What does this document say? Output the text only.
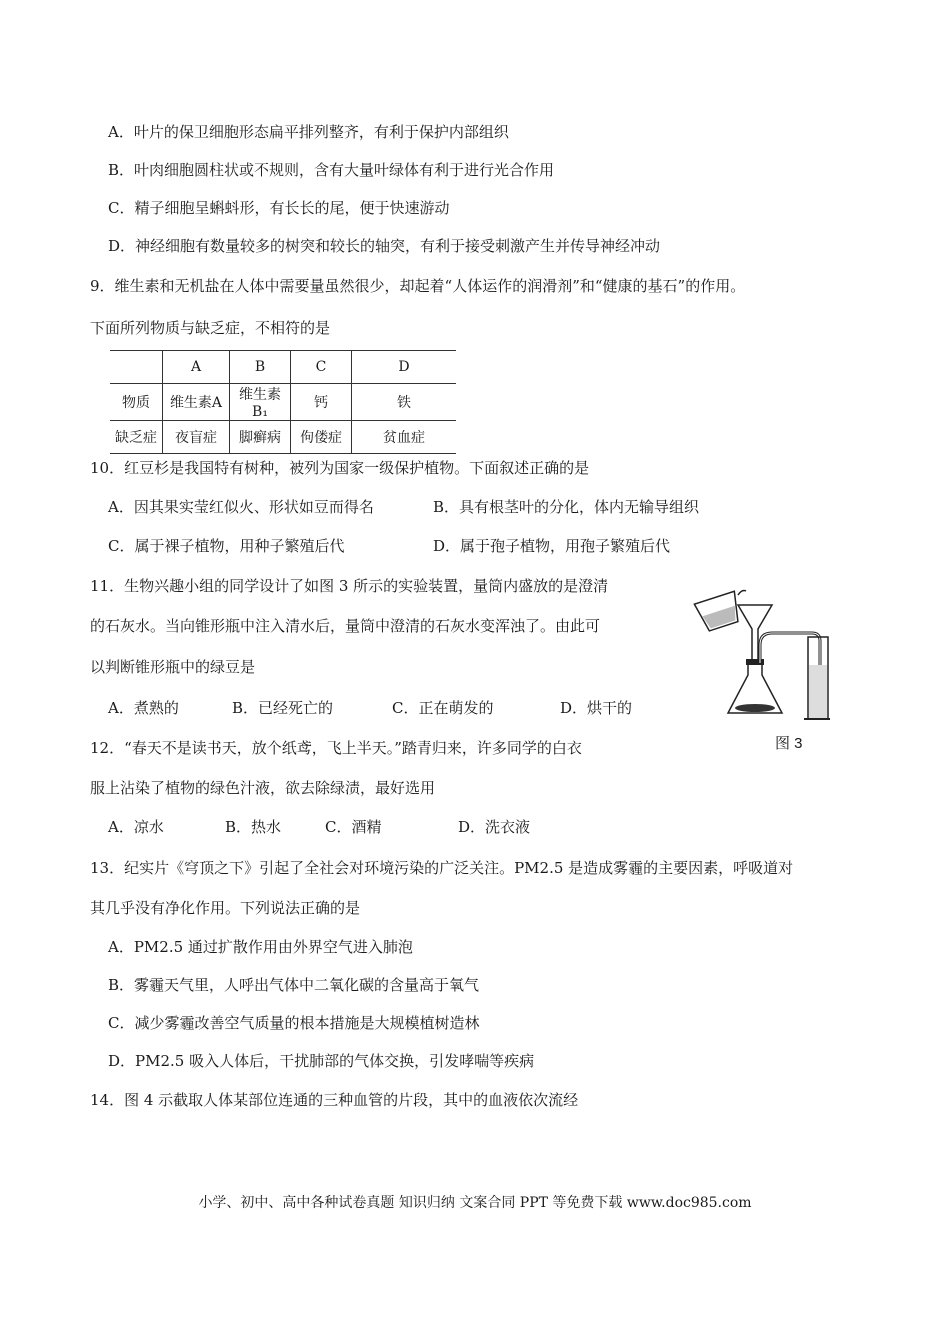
A．叶片的保卫细胞形态扁平排列整齐，有利于保护内部组织
B．叶肉细胞圆柱状或不规则，含有大量叶绿体有利于进行光合作用
C．精子细胞呈蝌蚪形，有长长的尾，便于快速游动
D．神经细胞有数量较多的树突和较长的轴突，有利于接受刺激产生并传导神经冲动
9．维生素和无机盐在人体中需要量虽然很少，却起着“人体运作的润滑剂”和“健康的基石”的作用。
下面所列物质与缺乏症，不相符的是
	A	B	C	D
物质	维生素A	维生素B₁	钙	铁
缺乏症	夜盲症	脚癣病	佝偻症	贫血症
10．红豆杉是我国特有树种，被列为国家一级保护植物。下面叙述正确的是
A．因其果实莹红似火、形状如豆而得名	B．具有根茎叶的分化，体内无输导组织
C．属于裸子植物，用种子繁殖后代	D．属于孢子植物，用孢子繁殖后代
11．生物兴趣小组的同学设计了如图 3 所示的实验装置，量筒内盛放的是澄清
的石灰水。当向锥形瓶中注入清水后，量筒中澄清的石灰水变浑浊了。由此可
以判断锥形瓶中的绿豆是
A．煮熟的	B．已经死亡的	C．正在萌发的	D．烘干的
图 3
12．“春天不是读书天，放个纸鸢，飞上半天。”踏青归来，许多同学的白衣
服上沾染了植物的绿色汁液，欲去除绿渍，最好选用
A．凉水	B．热水	C．酒精	D．洗衣液
13．纪实片《穹顶之下》引起了全社会对环境污染的广泛关注。PM2.5 是造成雾霾的主要因素，呼吸道对
其几乎没有净化作用。下列说法正确的是
A．PM2.5 通过扩散作用由外界空气进入肺泡
B．雾霾天气里，人呼出气体中二氧化碳的含量高于氧气
C．减少雾霾改善空气质量的根本措施是大规模植树造林
D．PM2.5 吸入人体后，干扰肺部的气体交换，引发哮喘等疾病
14．图 4 示截取人体某部位连通的三种血管的片段，其中的血液依次流经
小学、初中、高中各种试卷真题 知识归纳 文案合同 PPT 等免费下载 www.doc985.com
